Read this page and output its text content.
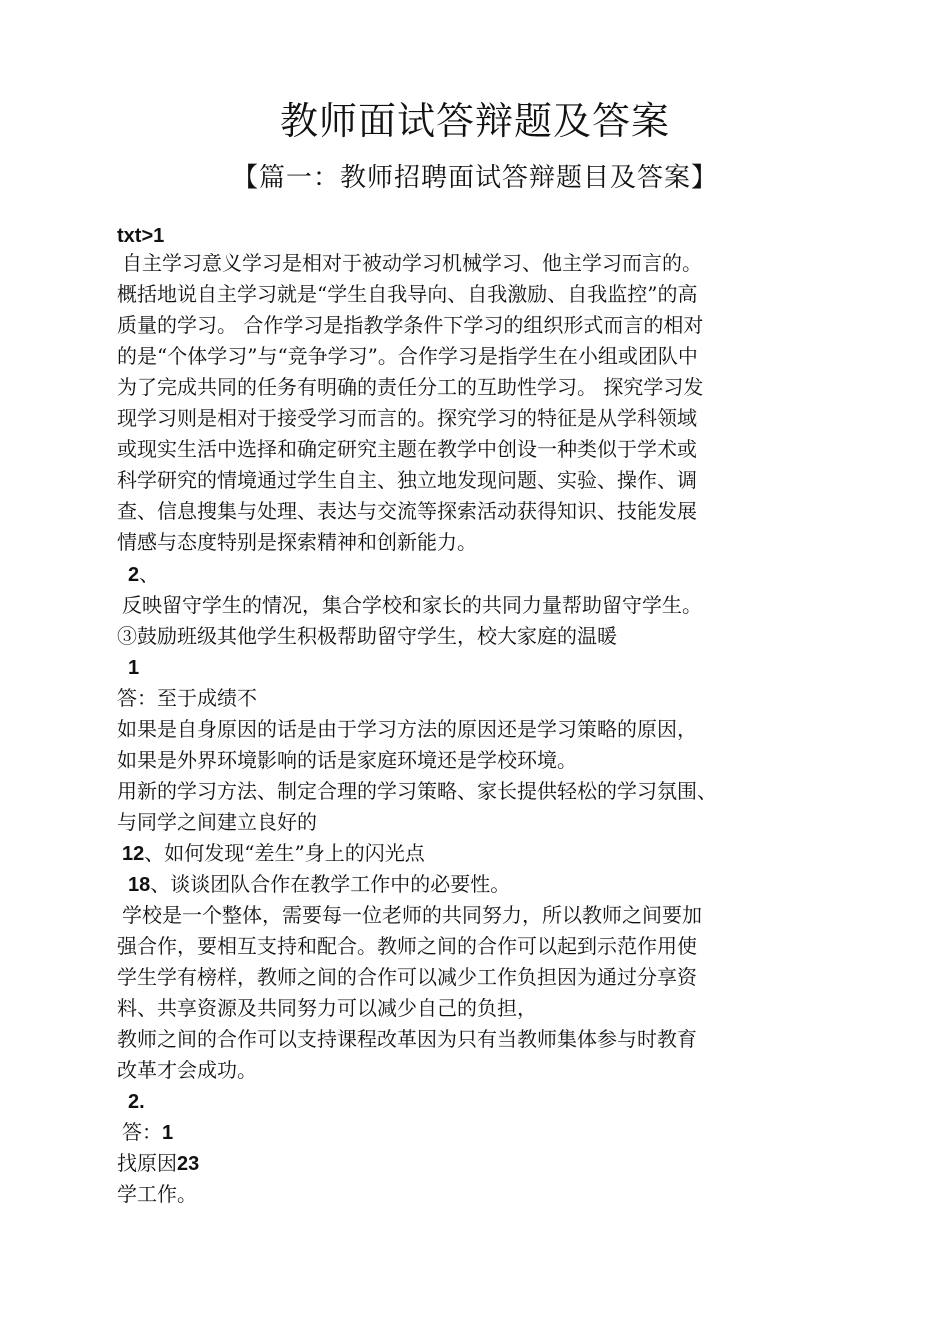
教师面试答辩题及答案
【篇一：教师招聘面试答辩题目及答案】
txt>1
自主学习意义学习是相对于被动学习机械学习、他主学习而言的。
概括地说自主学习就是“学生自我导向、自我激励、自我监控”的高
质量的学习。 合作学习是指教学条件下学习的组织形式而言的相对
的是“个体学习”与“竞争学习”。合作学习是指学生在小组或团队中
为了完成共同的任务有明确的责任分工的互助性学习。 探究学习发
现学习则是相对于接受学习而言的。探究学习的特征是从学科领域
或现实生活中选择和确定研究主题在教学中创设一种类似于学术或
科学研究的情境通过学生自主、独立地发现问题、实验、操作、调
查、信息搜集与处理、表达与交流等探索活动获得知识、技能发展
情感与态度特别是探索精神和创新能力。
2、
反映留守学生的情况，集合学校和家长的共同力量帮助留守学生。
③鼓励班级其他学生积极帮助留守学生，校大家庭的温暖
1
答：至于成绩不
如果是自身原因的话是由于学习方法的原因还是学习策略的原因，
如果是外界环境影响的话是家庭环境还是学校环境。
用新的学习方法、制定合理的学习策略、家长提供轻松的学习氛围、
与同学之间建立良好的
12、如何发现“差生”身上的闪光点
18、谈谈团队合作在教学工作中的必要性。
学校是一个整体，需要每一位老师的共同努力，所以教师之间要加
强合作，要相互支持和配合。教师之间的合作可以起到示范作用使
学生学有榜样，教师之间的合作可以减少工作负担因为通过分享资
料、共享资源及共同努力可以减少自己的负担，
教师之间的合作可以支持课程改革因为只有当教师集体参与时教育
改革才会成功。
2.
答：1
找原因23
学工作。
